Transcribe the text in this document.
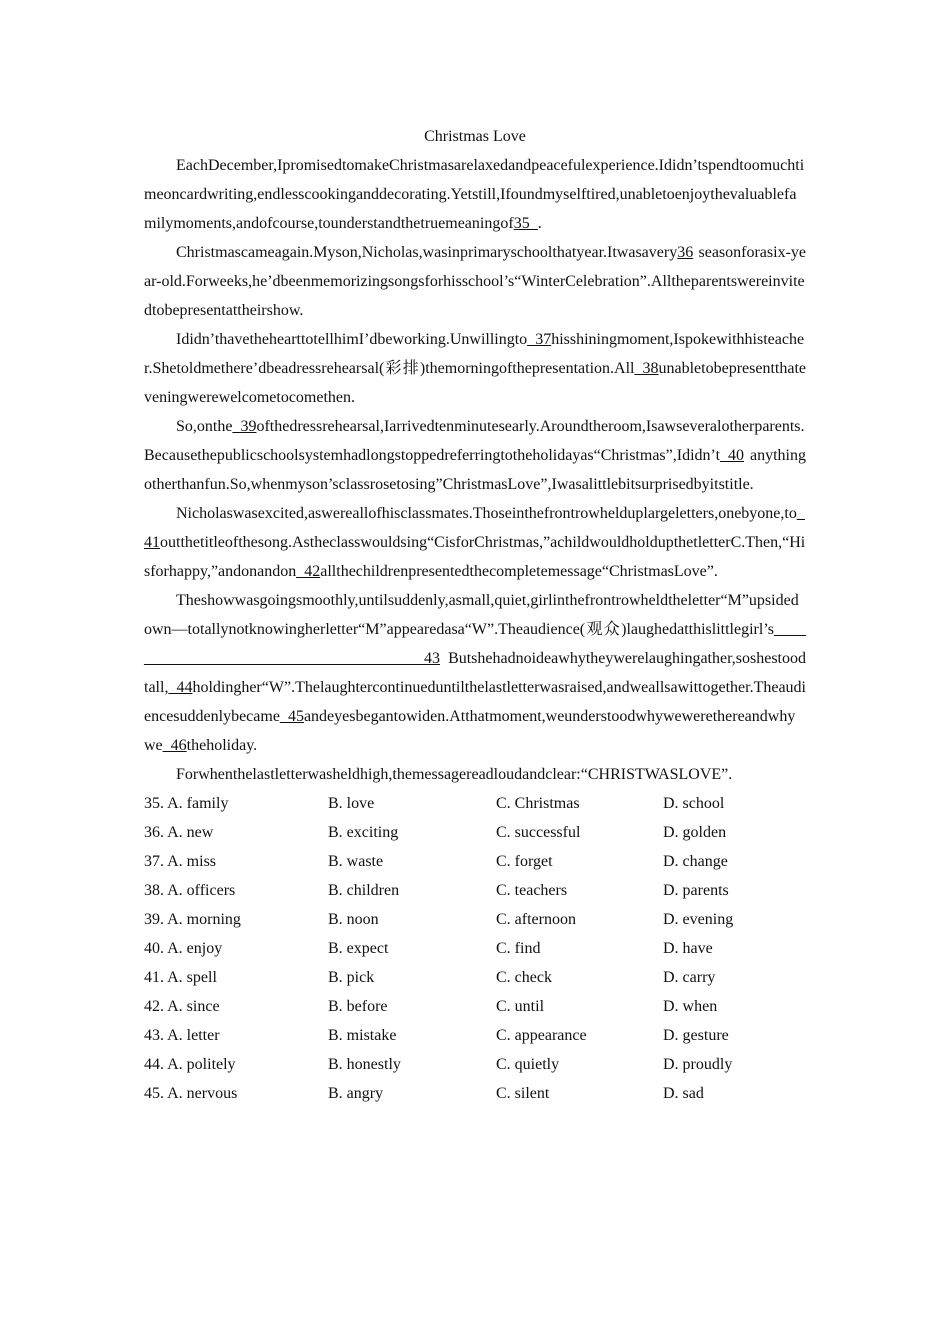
Christmas Love

EachDecember,IpromisedtomakeChristmasarelaxedandpeacefulexperience.Ididn’tspendtoomuchtimeoncardwriting,endlesscookinganddecorating.Yetstill,Ifoundmyselftired,unabletoenjoythevaluablefamilymoments,andofcourse,tounderstandthetruemeaningof35_.

Christmascameagain.Myson,Nicholas,wasinprimaryschoolthatyear.Itwasavery36 seasonforasix-year-old.Forweeks,he’dbeenmemorizingsongsforhisschool’s“WinterCelebration”.Alltheparentswereinvitedtobepresentattheirshow.

Ididn’thavethehearttotellhimI’dbeworking.Unwillingto_37hisshiningmoment,Ispokewithhisteacher.Shetoldmethere’dbeadressrehearsal(彩排)themorningofthepresentation.All_38unabletobepresentthateveningwerewelcometocomethen.

So,onthe_39ofthedressrehearsal,Iarrivedtenminutesearly.Aroundtheroom,Isawseveralotherparents.Becausethepublicschoolsystemhadlongstoppedreferringtotheholidayas“Christmas”,Ididn’t_40 anythingotherthanfun.So,whenmyson’sclassrosetosing”ChristmasLove”,Iwasalittlebitsurprisedbyitstitle.

Nicholaswasexcited,aswereallofhisclassmates.Thoseinthefrontrowhelduplargeletters,onebyone,to_41outthetitleofthesong.Astheclasswouldsing“CisforChristmas,”achildwouldholdupthetletterC.Then,“Hisforhappy,”andonandon_42allthechildrenpresentedthecompletemessage“ChristmasLove”.

Theshowwasgoingsmoothly,untilsuddenly,asmall,quiet,girlinthefrontrowheldtheletter“M”upsidedown—totallynotknowingherletter“M”appearedasa“W”.Theaudience(观众)laughedatthislittlegirl’s_______________________________________43 Butshehadnoideawhytheywerelaughingather,soshestoodtall,_44holdingher“W”.Thelaughtercontinueduntilthelastletterwasraised,andweallsawittogether.Theaudiencesuddenlybecame_45andeyesbegantowiden.Atthatmoment,weunderstoodwhywewerethereandwhywe_46theholiday.

Forwhenthelastletterwasheldhigh,themessagereadloudandclear:“CHRISTWASLOVE”.

35. A. family	B. love	C. Christmas	D. school
36. A. new	B. exciting	C. successful	D. golden
37. A. miss	B. waste	C. forget	D. change
38. A. officers	B. children	C. teachers	D. parents
39. A. morning	B. noon	C. afternoon	D. evening
40. A. enjoy	B. expect	C. find	D. have
41. A. spell	B. pick	C. check	D. carry
42. A. since	B. before	C. until	D. when
43. A. letter	B. mistake	C. appearance	D. gesture
44. A. politely	B. honestly	C. quietly	D. proudly
45. A. nervous	B. angry	C. silent	D. sad
